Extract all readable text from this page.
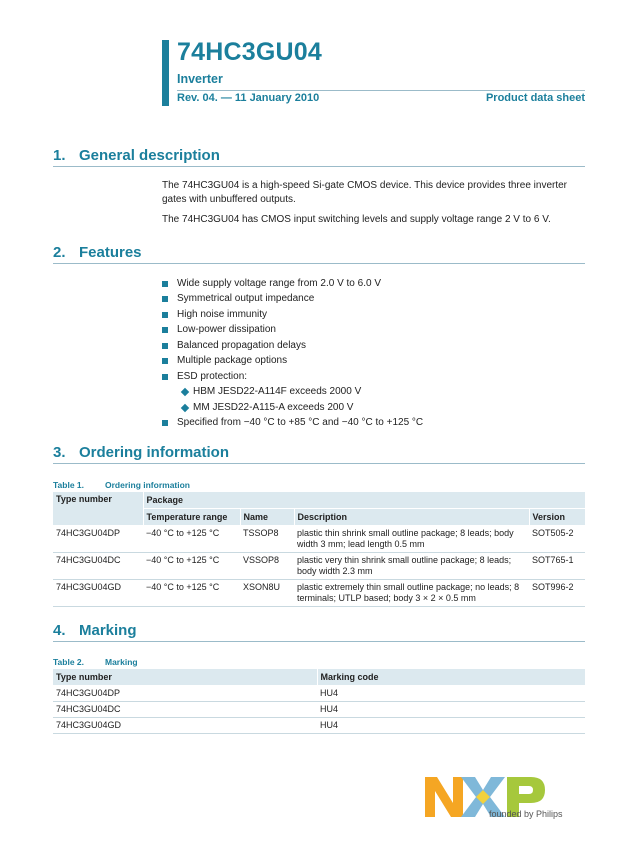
74HC3GU04
Inverter
Rev. 04. — 11 January 2010	Product data sheet
1. General description
The 74HC3GU04 is a high-speed Si-gate CMOS device. This device provides three inverter gates with unbuffered outputs.
The 74HC3GU04 has CMOS input switching levels and supply voltage range 2 V to 6 V.
2. Features
Wide supply voltage range from 2.0 V to 6.0 V
Symmetrical output impedance
High noise immunity
Low-power dissipation
Balanced propagation delays
Multiple package options
ESD protection:
HBM JESD22-A114F exceeds 2000 V
MM JESD22-A115-A exceeds 200 V
Specified from −40 °C to +85 °C and −40 °C to +125 °C
3. Ordering information
Table 1. Ordering information
Type number	Package			
	Temperature range	Name	Description	Version
74HC3GU04DP	−40 °C to +125 °C	TSSOP8	plastic thin shrink small outline package; 8 leads; body width 3 mm; lead length 0.5 mm	SOT505-2
74HC3GU04DC	−40 °C to +125 °C	VSSOP8	plastic very thin shrink small outline package; 8 leads; body width 2.3 mm	SOT765-1
74HC3GU04GD	−40 °C to +125 °C	XSON8U	plastic extremely thin small outline package; no leads; 8 terminals; UTLP based; body 3 × 2 × 0.5 mm	SOT996-2
4. Marking
Table 2. Marking
Type number	Marking code
74HC3GU04DP	HU4
74HC3GU04DC	HU4
74HC3GU04GD	HU4
founded by Philips
